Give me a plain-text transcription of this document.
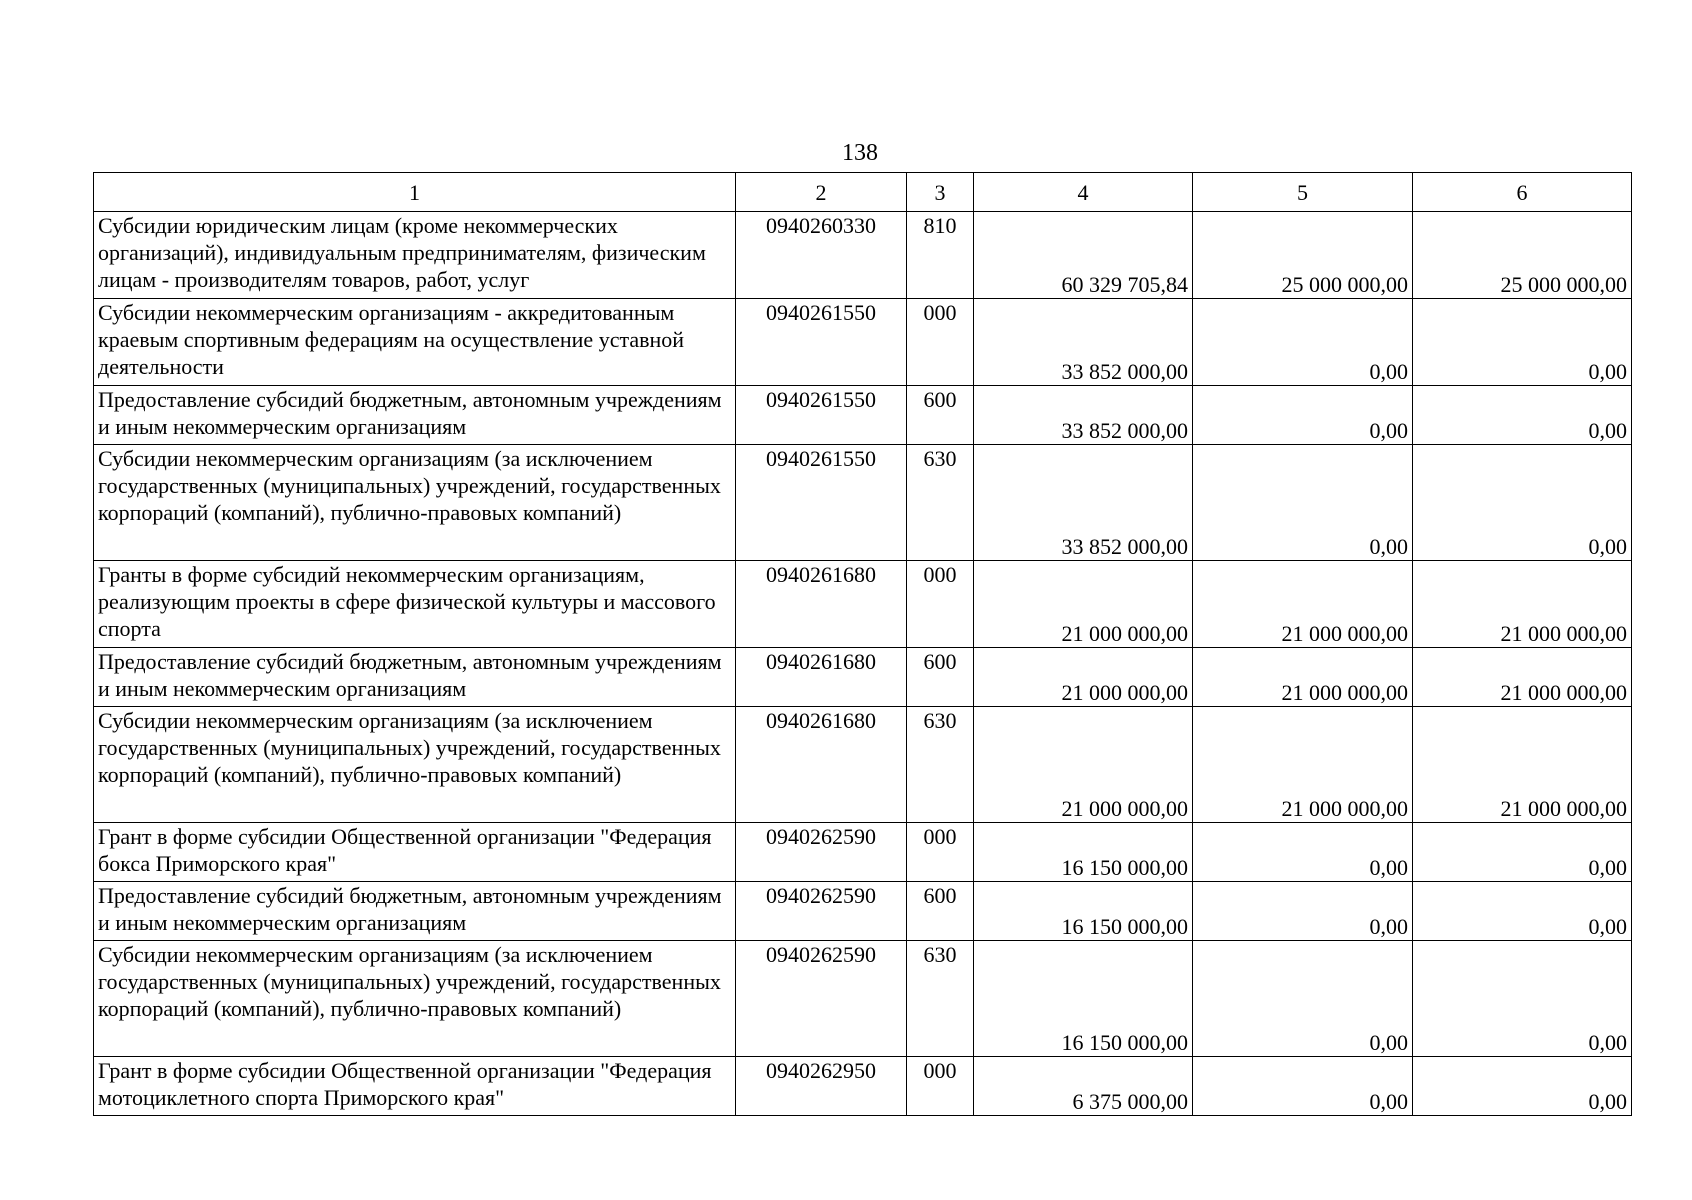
138
1	2	3	4	5	6
Субсидии юридическим лицам (кроме некоммерческих организаций), индивидуальным предпринимателям, физическим лицам - производителям товаров, работ, услуг	0940260330	810	60 329 705,84	25 000 000,00	25 000 000,00
Субсидии некоммерческим организациям - аккредитованным краевым спортивным федерациям на осуществление уставной деятельности	0940261550	000	33 852 000,00	0,00	0,00
Предоставление субсидий бюджетным, автономным учреждениям и иным некоммерческим организациям	0940261550	600	33 852 000,00	0,00	0,00
Субсидии некоммерческим организациям (за исключением государственных (муниципальных) учреждений, государственных корпораций (компаний), публично-правовых компаний)	0940261550	630	33 852 000,00	0,00	0,00
Гранты в форме субсидий некоммерческим организациям, реализующим проекты в сфере физической культуры и массового спорта	0940261680	000	21 000 000,00	21 000 000,00	21 000 000,00
Предоставление субсидий бюджетным, автономным учреждениям и иным некоммерческим организациям	0940261680	600	21 000 000,00	21 000 000,00	21 000 000,00
Субсидии некоммерческим организациям (за исключением государственных (муниципальных) учреждений, государственных корпораций (компаний), публично-правовых компаний)	0940261680	630	21 000 000,00	21 000 000,00	21 000 000,00
Грант в форме субсидии Общественной организации "Федерация бокса Приморского края"	0940262590	000	16 150 000,00	0,00	0,00
Предоставление субсидий бюджетным, автономным учреждениям и иным некоммерческим организациям	0940262590	600	16 150 000,00	0,00	0,00
Субсидии некоммерческим организациям (за исключением государственных (муниципальных) учреждений, государственных корпораций (компаний), публично-правовых компаний)	0940262590	630	16 150 000,00	0,00	0,00
Грант в форме субсидии Общественной организации "Федерация мотоциклетного спорта Приморского края"	0940262950	000	6 375 000,00	0,00	0,00
